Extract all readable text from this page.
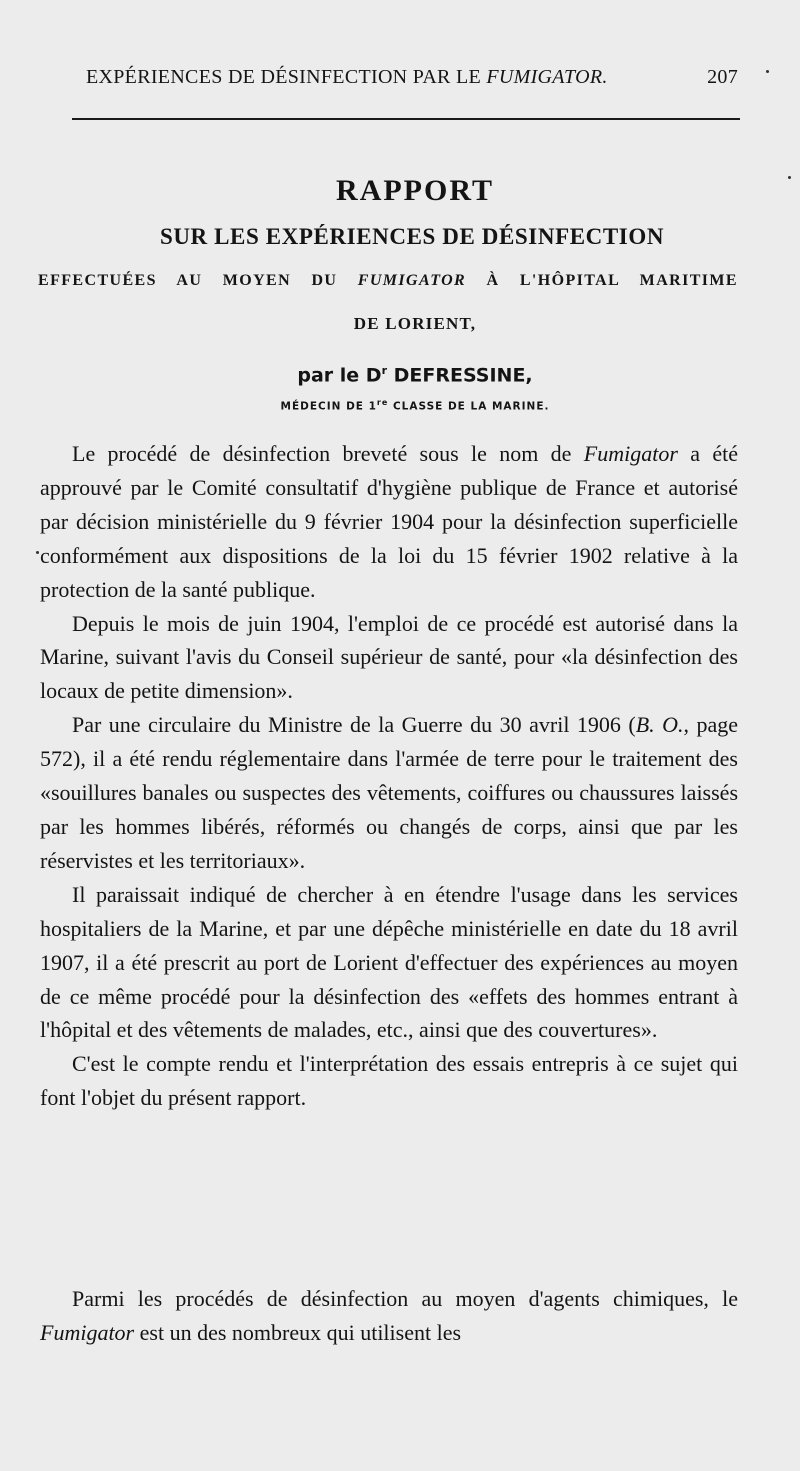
EXPÉRIENCES DE DÉSINFECTION PAR LE FUMIGATOR.	207
RAPPORT
SUR LES EXPÉRIENCES DE DÉSINFECTION
EFFECTUÉES AU MOYEN DU FUMIGATOR À L'HÔPITAL MARITIME
DE LORIENT,
par le $D^r$ DEFRESSINE,
MÉDECIN DE 1re CLASSE DE LA MARINE.

Le procédé de désinfection breveté sous le nom de Fumigator a été approuvé par le Comité consultatif d'hygiène publique de France et autorisé par décision ministérielle du 9 février 1904 pour la désinfection superficielle conformément aux dispositions de la loi du 15 février 1902 relative à la protection de la santé publique.

Depuis le mois de juin 1904, l'emploi de ce procédé est autorisé dans la Marine, suivant l'avis du Conseil supérieur de santé, pour «la désinfection des locaux de petite dimension».

Par une circulaire du Ministre de la Guerre du 30 avril 1906 (B. O., page 572), il a été rendu réglementaire dans l'armée de terre pour le traitement des «souillures banales ou suspectes des vêtements, coiffures ou chaussures laissés par les hommes libérés, réformés ou changés de corps, ainsi que par les réservistes et les territoriaux».

Il paraissait indiqué de chercher à en étendre l'usage dans les services hospitaliers de la Marine, et par une dépêche ministérielle en date du 18 avril 1907, il a été prescrit au port de Lorient d'effectuer des expériences au moyen de ce même procédé pour la désinfection des «effets des hommes entrant à l'hôpital et des vêtements de malades, etc., ainsi que des couvertures».

C'est le compte rendu et l'interprétation des essais entrepris à ce sujet qui font l'objet du présent rapport.

Parmi les procédés de désinfection au moyen d'agents chimiques, le Fumigator est un des nombreux qui utilisent les
